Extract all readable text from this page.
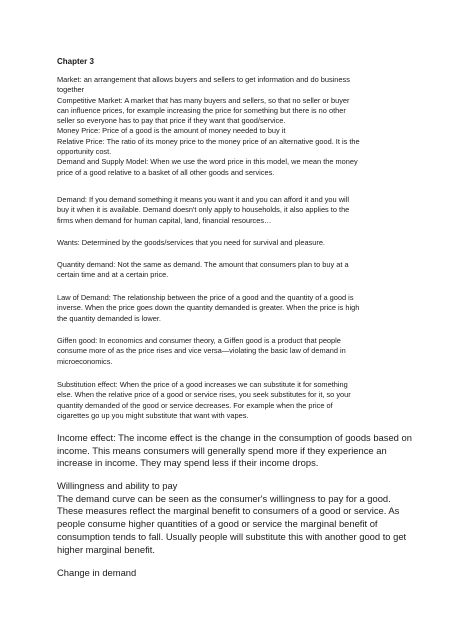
Chapter 3

Market: an arrangement that allows buyers and sellers to get information and do business
together
Competitive Market: A market that has many buyers and sellers, so that no seller or buyer
can influence prices, for example increasing the price for something but there is no other
seller so everyone has to pay that price if they want that good/service.
Money Price: Price of a good is the amount of money needed to buy it
Relative Price: The ratio of its money price to the money price of an alternative good. It is the
opportunity cost.
Demand and Supply Model: When we use the word price in this model, we mean the money
price of a good relative to a basket of all other goods and services.
Demand: If you demand something it means you want it and you can afford it and you will
buy it when it is available. Demand doesn't only apply to households, it also applies to the
firms when demand for human capital, land, financial resources…
Wants: Determined by the goods/services that you need for survival and pleasure.
Quantity demand: Not the same as demand. The amount that consumers plan to buy at a
certain time and at a certain price.
Law of Demand: The relationship between the price of a good and the quantity of a good is
inverse. When the price goes down the quantity demanded is greater. When the price is high
the quantity demanded is lower.
Giffen good: In economics and consumer theory, a Giffen good is a product that people
consume more of as the price rises and vice versa—violating the basic law of demand in
microeconomics.
Substitution effect: When the price of a good increases we can substitute it for something
else. When the relative price of a good or service rises, you seek substitutes for it, so your
quantity demanded of the good or service decreases. For example when the price of
cigarettes go up you might substitute that want with vapes.
Income effect: The income effect is the change in the consumption of goods based on
income. This means consumers will generally spend more if they experience an
increase in income. They may spend less if their income drops.
Willingness and ability to pay
The demand curve can be seen as the consumer's willingness to pay for a good.
These measures reflect the marginal benefit to consumers of a good or service. As
people consume higher quantities of a good or service the marginal benefit of
consumption tends to fall. Usually people will substitute this with another good to get
higher marginal benefit.

Change in demand
